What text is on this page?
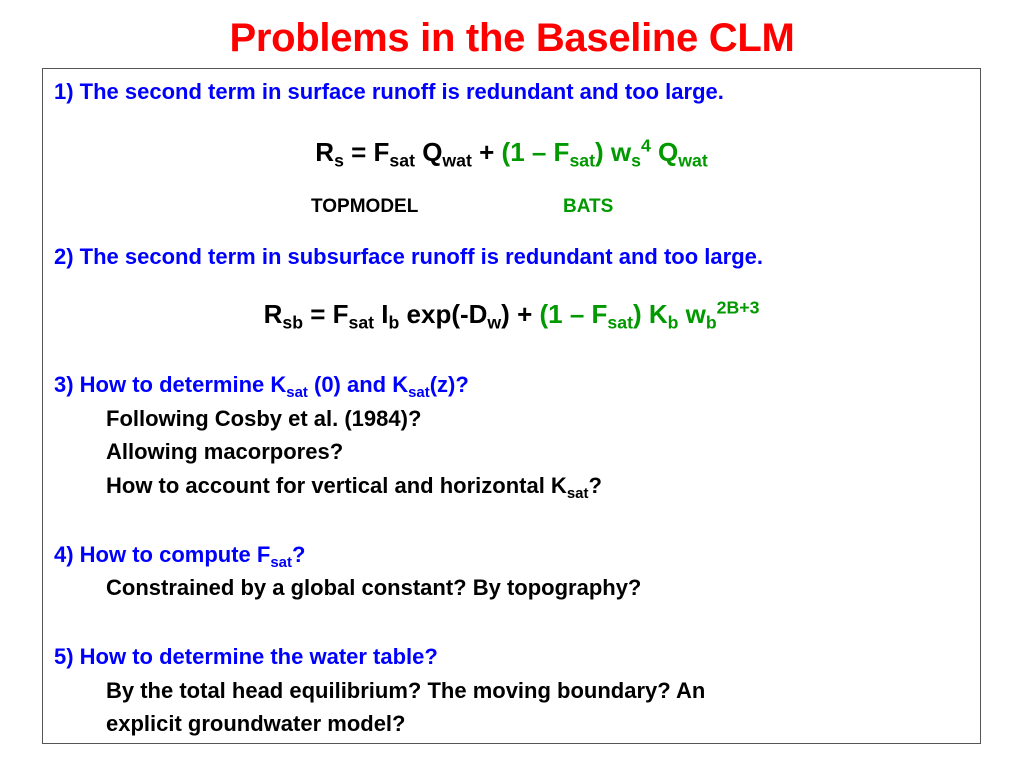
Problems in the Baseline CLM
1) The second term in surface runoff is redundant and too large.
$R_s = F_{sat}$ $Q_{wat} + (1 - F_{sat})$ $w_s^4$ $Q_{wat}$
TOPMODEL	BATS
2) The second term in subsurface runoff is redundant and too large.
$R_{sb} = F_{sat}$ $I_b$ $\exp(-D_w) + (1 - F_{sat})$ $K_b$ $w_b^{2B+3}$
3) How to determine $K_{sat}$ (0) and $K_{sat}(z)$?
Following Cosby et al. (1984)?
Allowing macorpores?
How to account for vertical and horizontal $K_{sat}$?
4) How to compute $F_{sat}$?
Constrained by a global constant? By topography?
5) How to determine the water table?
By the total head equilibrium? The moving boundary? An
explicit groundwater model?
